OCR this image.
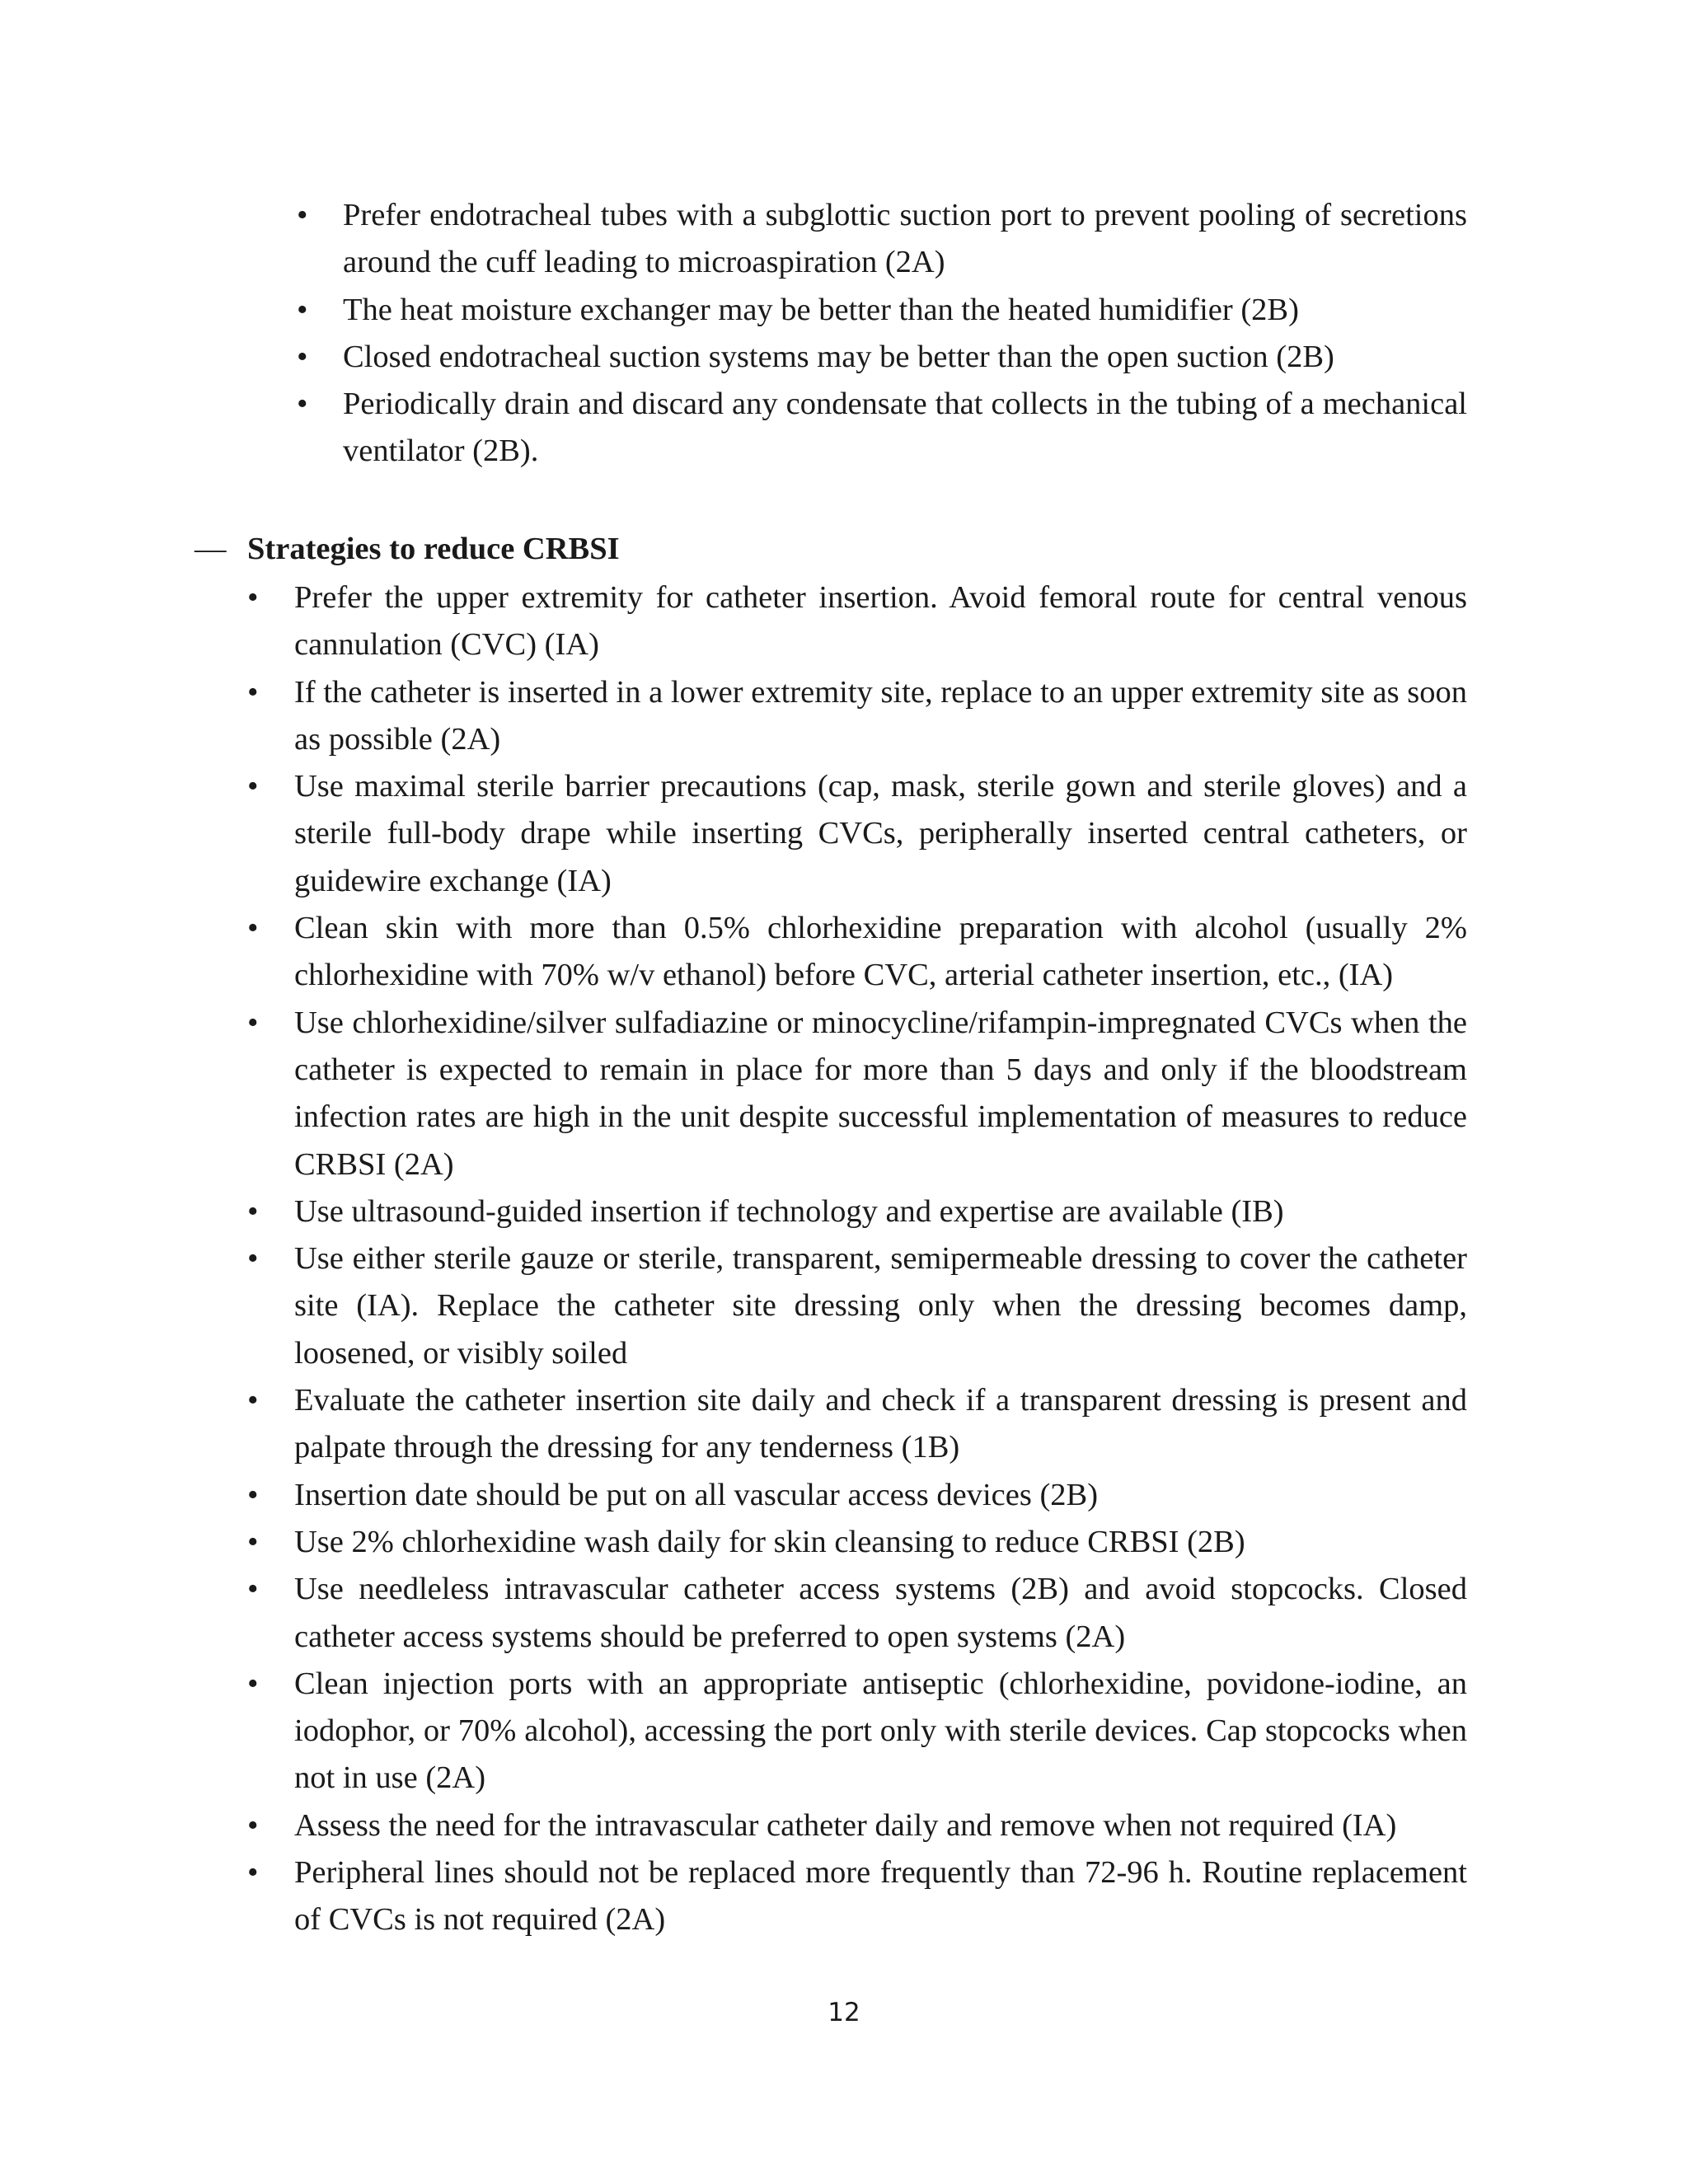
• Prefer endotracheal tubes with a subglottic suction port to prevent pooling of secretions around the cuff leading to microaspiration (2A)
• The heat moisture exchanger may be better than the heated humidifier (2B)
• Closed endotracheal suction systems may be better than the open suction (2B)
• Periodically drain and discard any condensate that collects in the tubing of a mechanical ventilator (2B).
— Strategies to reduce CRBSI
• Prefer the upper extremity for catheter insertion. Avoid femoral route for central venous cannulation (CVC) (IA)
• If the catheter is inserted in a lower extremity site, replace to an upper extremity site as soon as possible (2A)
• Use maximal sterile barrier precautions (cap, mask, sterile gown and sterile gloves) and a sterile full-body drape while inserting CVCs, peripherally inserted central catheters, or guidewire exchange (IA)
• Clean skin with more than 0.5% chlorhexidine preparation with alcohol (usually 2% chlorhexidine with 70% w/v ethanol) before CVC, arterial catheter insertion, etc., (IA)
• Use chlorhexidine/silver sulfadiazine or minocycline/rifampin-impregnated CVCs when the catheter is expected to remain in place for more than 5 days and only if the bloodstream infection rates are high in the unit despite successful implementation of measures to reduce CRBSI (2A)
• Use ultrasound-guided insertion if technology and expertise are available (IB)
• Use either sterile gauze or sterile, transparent, semipermeable dressing to cover the catheter site (IA). Replace the catheter site dressing only when the dressing becomes damp, loosened, or visibly soiled
• Evaluate the catheter insertion site daily and check if a transparent dressing is present and palpate through the dressing for any tenderness (1B)
• Insertion date should be put on all vascular access devices (2B)
• Use 2% chlorhexidine wash daily for skin cleansing to reduce CRBSI (2B)
• Use needleless intravascular catheter access systems (2B) and avoid stopcocks. Closed catheter access systems should be preferred to open systems (2A)
• Clean injection ports with an appropriate antiseptic (chlorhexidine, povidone-iodine, an iodophor, or 70% alcohol), accessing the port only with sterile devices. Cap stopcocks when not in use (2A)
• Assess the need for the intravascular catheter daily and remove when not required (IA)
• Peripheral lines should not be replaced more frequently than 72-96 h. Routine replacement of CVCs is not required (2A)
12
